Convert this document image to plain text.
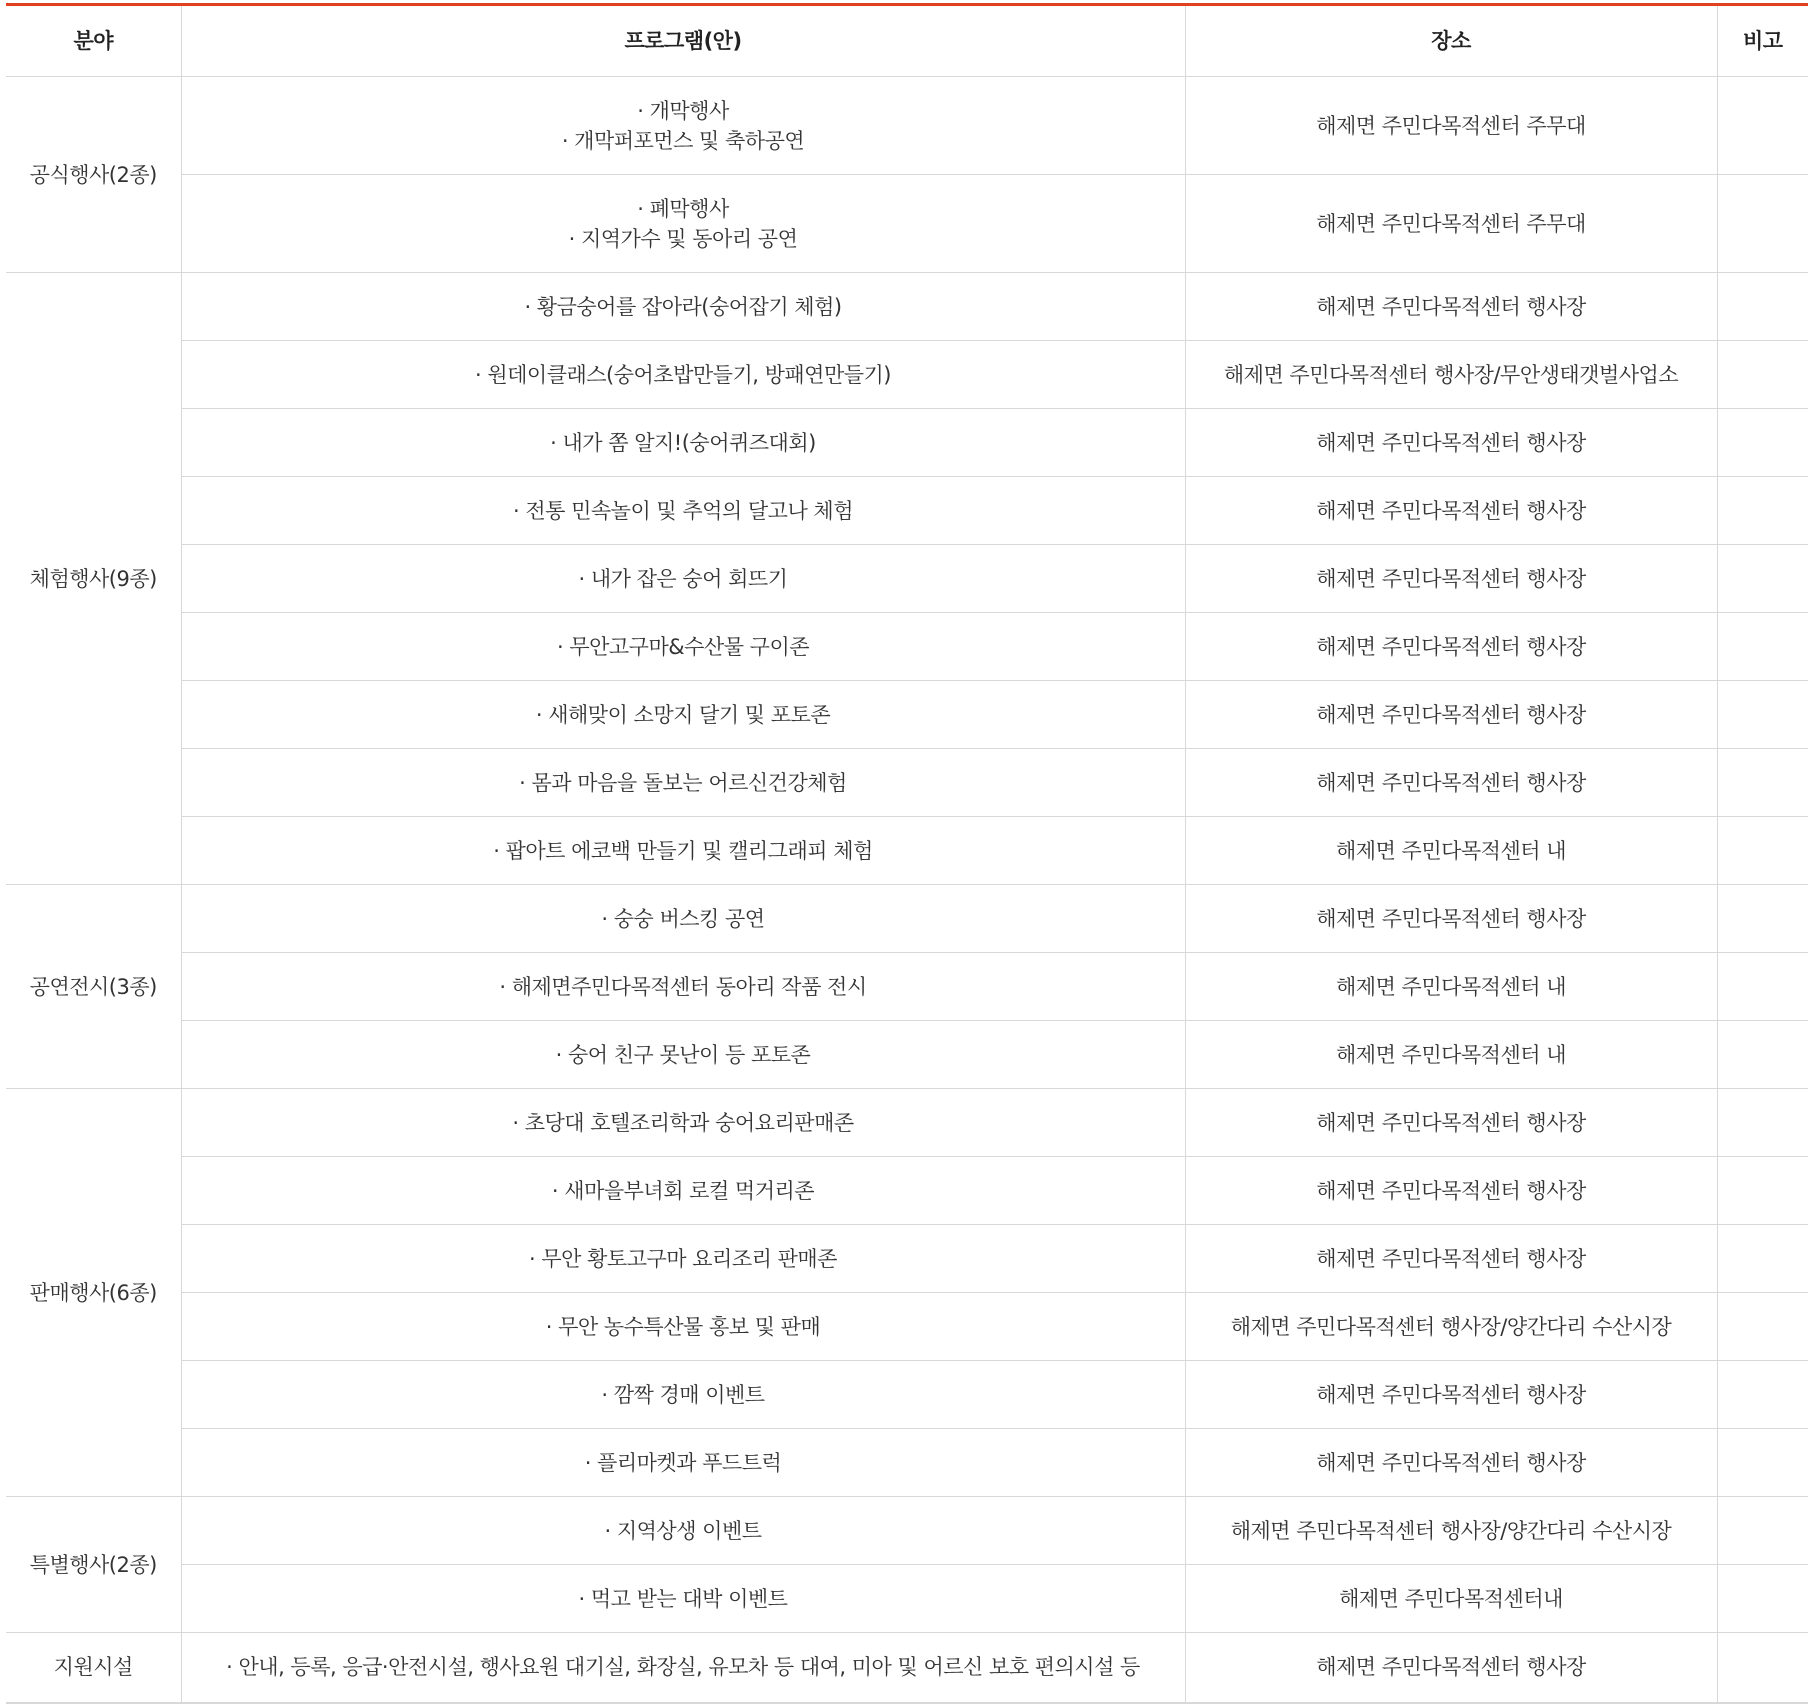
분야	프로그램(안)	장소	비고
공식행사(2종)	· 개막행사
· 개막퍼포먼스 및 축하공연	해제면 주민다목적센터 주무대	

	· 폐막행사
· 지역가수 및 동아리 공연	해제면 주민다목적센터 주무대	
체험행사(9종)	· 황금숭어를 잡아라(숭어잡기 체험)	해제면 주민다목적센터 행사장	

	· 원데이클래스(숭어초밥만들기, 방패연만들기)	해제면 주민다목적센터 행사장/무안생태갯벌사업소	

	· 내가 쫌 알지!(숭어퀴즈대회)	해제면 주민다목적센터 행사장	

	· 전통 민속놀이 및 추억의 달고나 체험	해제면 주민다목적센터 행사장	

	· 내가 잡은 숭어 회뜨기	해제면 주민다목적센터 행사장	

	· 무안고구마&수산물 구이존	해제면 주민다목적센터 행사장	

	· 새해맞이 소망지 달기 및 포토존	해제면 주민다목적센터 행사장	

	· 몸과 마음을 돌보는 어르신건강체험	해제면 주민다목적센터 행사장	

	· 팝아트 에코백 만들기 및 캘리그래피 체험	해제면 주민다목적센터 내	
공연전시(3종)	· 숭숭 버스킹 공연	해제면 주민다목적센터 행사장	

	· 해제면주민다목적센터 동아리 작품 전시	해제면 주민다목적센터 내	

	· 숭어 친구 못난이 등 포토존	해제면 주민다목적센터 내	
판매행사(6종)	· 초당대 호텔조리학과 숭어요리판매존	해제면 주민다목적센터 행사장	

	· 새마을부녀회 로컬 먹거리존	해제면 주민다목적센터 행사장	

	· 무안 황토고구마 요리조리 판매존	해제면 주민다목적센터 행사장	

	· 무안 농수특산물 홍보 및 판매	해제면 주민다목적센터 행사장/양간다리 수산시장	

	· 깜짝 경매 이벤트	해제면 주민다목적센터 행사장	

	· 플리마켓과 푸드트럭	해제면 주민다목적센터 행사장	
특별행사(2종)	· 지역상생 이벤트	해제면 주민다목적센터 행사장/양간다리 수산시장	

	· 먹고 받는 대박 이벤트	해제면 주민다목적센터내	
지원시설	· 안내, 등록, 응급·안전시설, 행사요원 대기실, 화장실, 유모차 등 대여, 미아 및 어르신 보호 편의시설 등	해제면 주민다목적센터 행사장	
